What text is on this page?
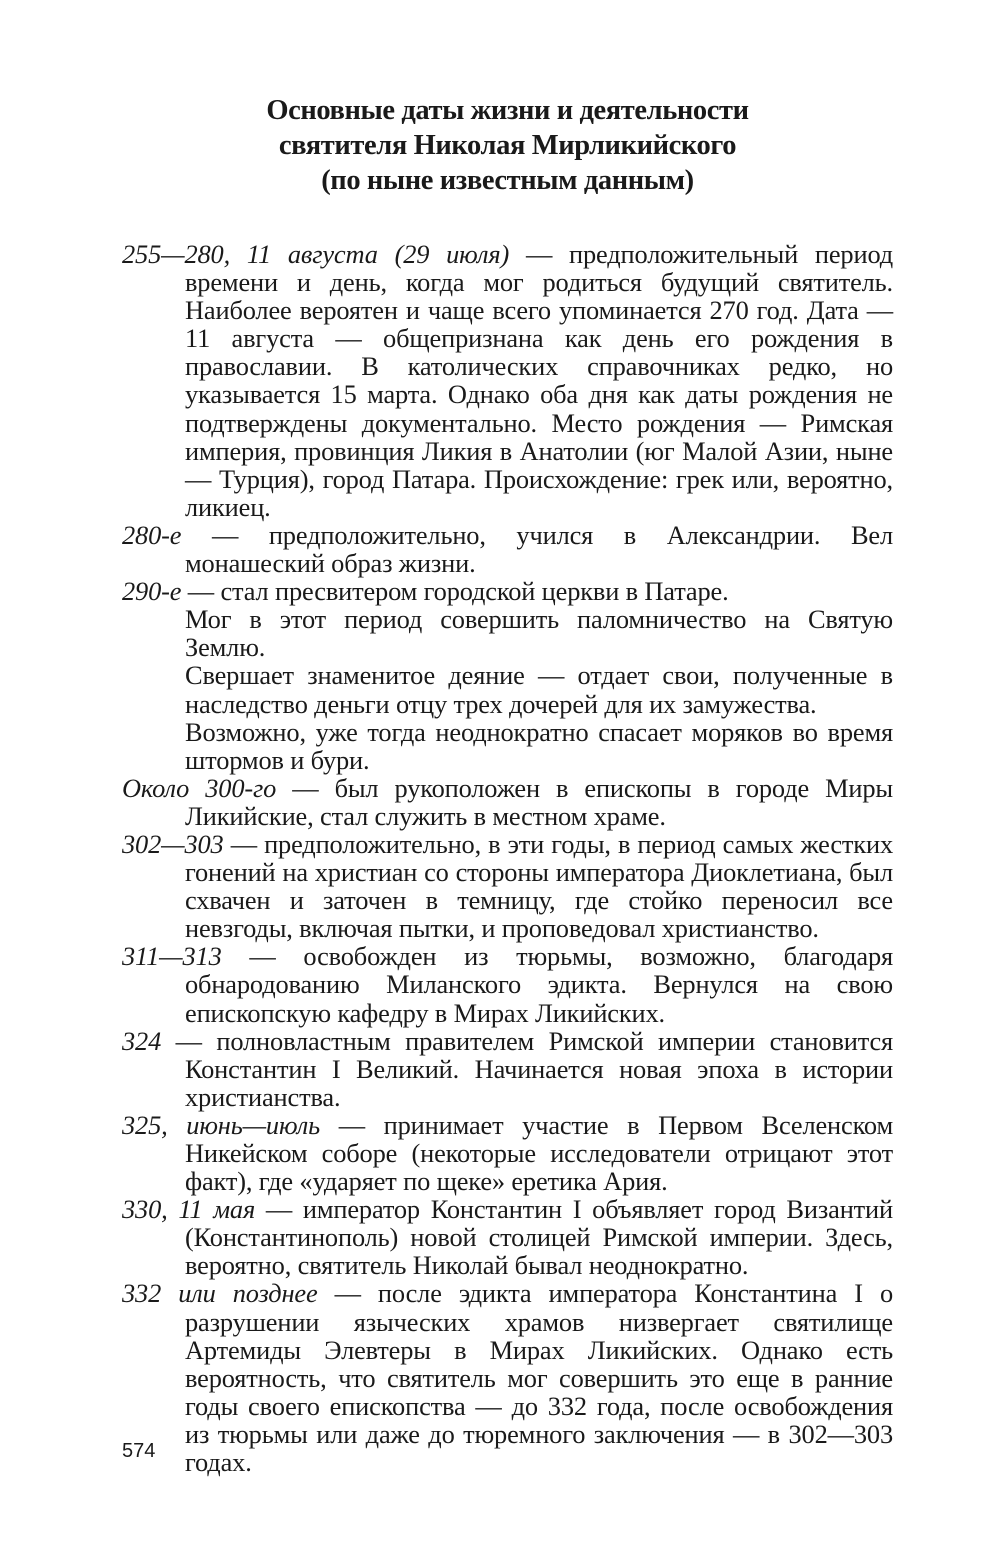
Основные даты жизни и деятельности
святителя Николая Мирликийского
(по ныне известным данным)

255—280, 11 августа (29 июля) — предположительный период времени и день, когда мог родиться будущий святитель. Наиболее вероятен и чаще всего упоминается 270 год. Дата — 11 августа — общепризнана как день его рождения в православии. В католических справочниках редко, но указывается 15 марта. Однако оба дня как даты рождения не подтверждены документально. Место рождения — Римская империя, провинция Ликия в Анатолии (юг Малой Азии, ныне — Турция), город Патара. Происхождение: грек или, вероятно, ликиец.

280-е — предположительно, учился в Александрии. Вел монашеский образ жизни.

290-е — стал пресвитером городской церкви в Патаре.

Мог в этот период совершить паломничество на Святую Землю.

Свершает знаменитое деяние — отдает свои, полученные в наследство деньги отцу трех дочерей для их замужества.

Возможно, уже тогда неоднократно спасает моряков во время штормов и бури.

Около 300-го — был рукоположен в епископы в городе Миры Ликийские, стал служить в местном храме.

302—303 — предположительно, в эти годы, в период самых жестких гонений на христиан со стороны императора Диоклетиана, был схвачен и заточен в темницу, где стойко переносил все невзгоды, включая пытки, и проповедовал христианство.

311—313 — освобожден из тюрьмы, возможно, благодаря обнародованию Миланского эдикта. Вернулся на свою епископскую кафедру в Мирах Ликийских.

324 — полновластным правителем Римской империи становится Константин I Великий. Начинается новая эпоха в истории христианства.

325, июнь—июль — принимает участие в Первом Вселенском Никейском соборе (некоторые исследователи отрицают этот факт), где «ударяет по щеке» еретика Ария.

330, 11 мая — император Константин I объявляет город Византий (Константинополь) новой столицей Римской империи. Здесь, вероятно, святитель Николай бывал неоднократно.

332 или позднее — после эдикта императора Константина I о разрушении языческих храмов низвергает святилище Артемиды Элевтеры в Мирах Ликийских. Однако есть вероятность, что святитель мог совершить это еще в ранние годы своего епископства — до 332 года, после освобождения из тюрьмы или даже до тюремного заключения — в 302—303 годах.

574
